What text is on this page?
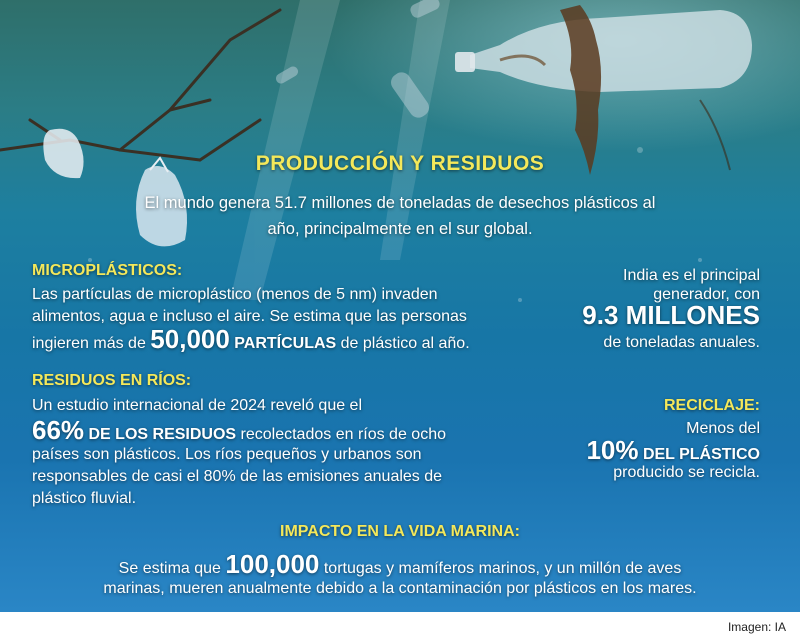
PRODUCCIÓN Y RESIDUOS
El mundo genera 51.7 millones de toneladas de desechos plásticos al año, principalmente en el sur global.
MICROPLÁSTICOS:
Las partículas de microplástico (menos de 5 nm) invaden
alimentos, agua e incluso el aire. Se estima que las personas
ingieren más de 50,000 PARTÍCULAS de plástico al año.
India es el principal
generador, con
9.3 MILLONES
de toneladas anuales.
RESIDUOS EN RÍOS:
Un estudio internacional de 2024 reveló que el
66% DE LOS RESIDUOS recolectados en ríos de ocho
países son plásticos. Los ríos pequeños y urbanos son
responsables de casi el 80% de las emisiones anuales de
plástico fluvial.
RECICLAJE:
Menos del
10% DEL PLÁSTICO
producido se recicla.
IMPACTO EN LA VIDA MARINA:
Se estima que 100,000 tortugas y mamíferos marinos, y un millón de aves
marinas, mueren anualmente debido a la contaminación por plásticos en los mares.
Imagen: IA
